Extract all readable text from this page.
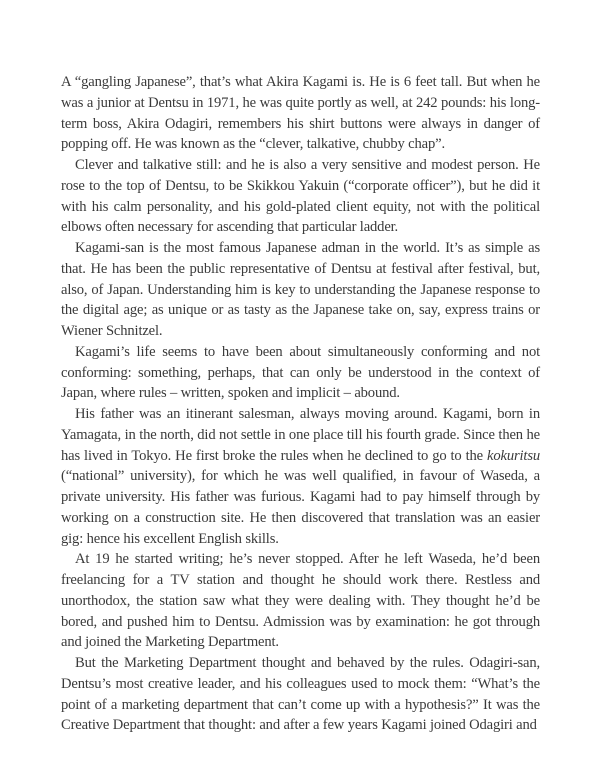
A “gangling Japanese”, that’s what Akira Kagami is. He is 6 feet tall. But when he was a junior at Dentsu in 1971, he was quite portly as well, at 242 pounds: his long-term boss, Akira Odagiri, remembers his shirt buttons were always in danger of popping off. He was known as the “clever, talkative, chubby chap”.

Clever and talkative still: and he is also a very sensitive and modest person. He rose to the top of Dentsu, to be Skikkou Yakuin (“corporate officer”), but he did it with his calm personality, and his gold-plated client equity, not with the political elbows often necessary for ascending that particular ladder.

Kagami-san is the most famous Japanese adman in the world. It’s as simple as that. He has been the public representative of Dentsu at festival after festival, but, also, of Japan. Understanding him is key to understanding the Japanese response to the digital age; as unique or as tasty as the Japanese take on, say, express trains or Wiener Schnitzel.

Kagami’s life seems to have been about simultaneously conforming and not conforming: something, perhaps, that can only be understood in the context of Japan, where rules – written, spoken and implicit – abound.

His father was an itinerant salesman, always moving around. Kagami, born in Yamagata, in the north, did not settle in one place till his fourth grade. Since then he has lived in Tokyo. He first broke the rules when he declined to go to the kokuritsu (“national” university), for which he was well qualified, in favour of Waseda, a private university. His father was furious. Kagami had to pay himself through by working on a construction site. He then discovered that translation was an easier gig: hence his excellent English skills.

At 19 he started writing; he’s never stopped. After he left Waseda, he’d been freelancing for a TV station and thought he should work there. Restless and unorthodox, the station saw what they were dealing with. They thought he’d be bored, and pushed him to Dentsu. Admission was by examination: he got through and joined the Marketing Department.

But the Marketing Department thought and behaved by the rules. Odagiri-san, Dentsu’s most creative leader, and his colleagues used to mock them: “What’s the point of a marketing department that can’t come up with a hypothesis?” It was the Creative Department that thought: and after a few years Kagami joined Odagiri and
